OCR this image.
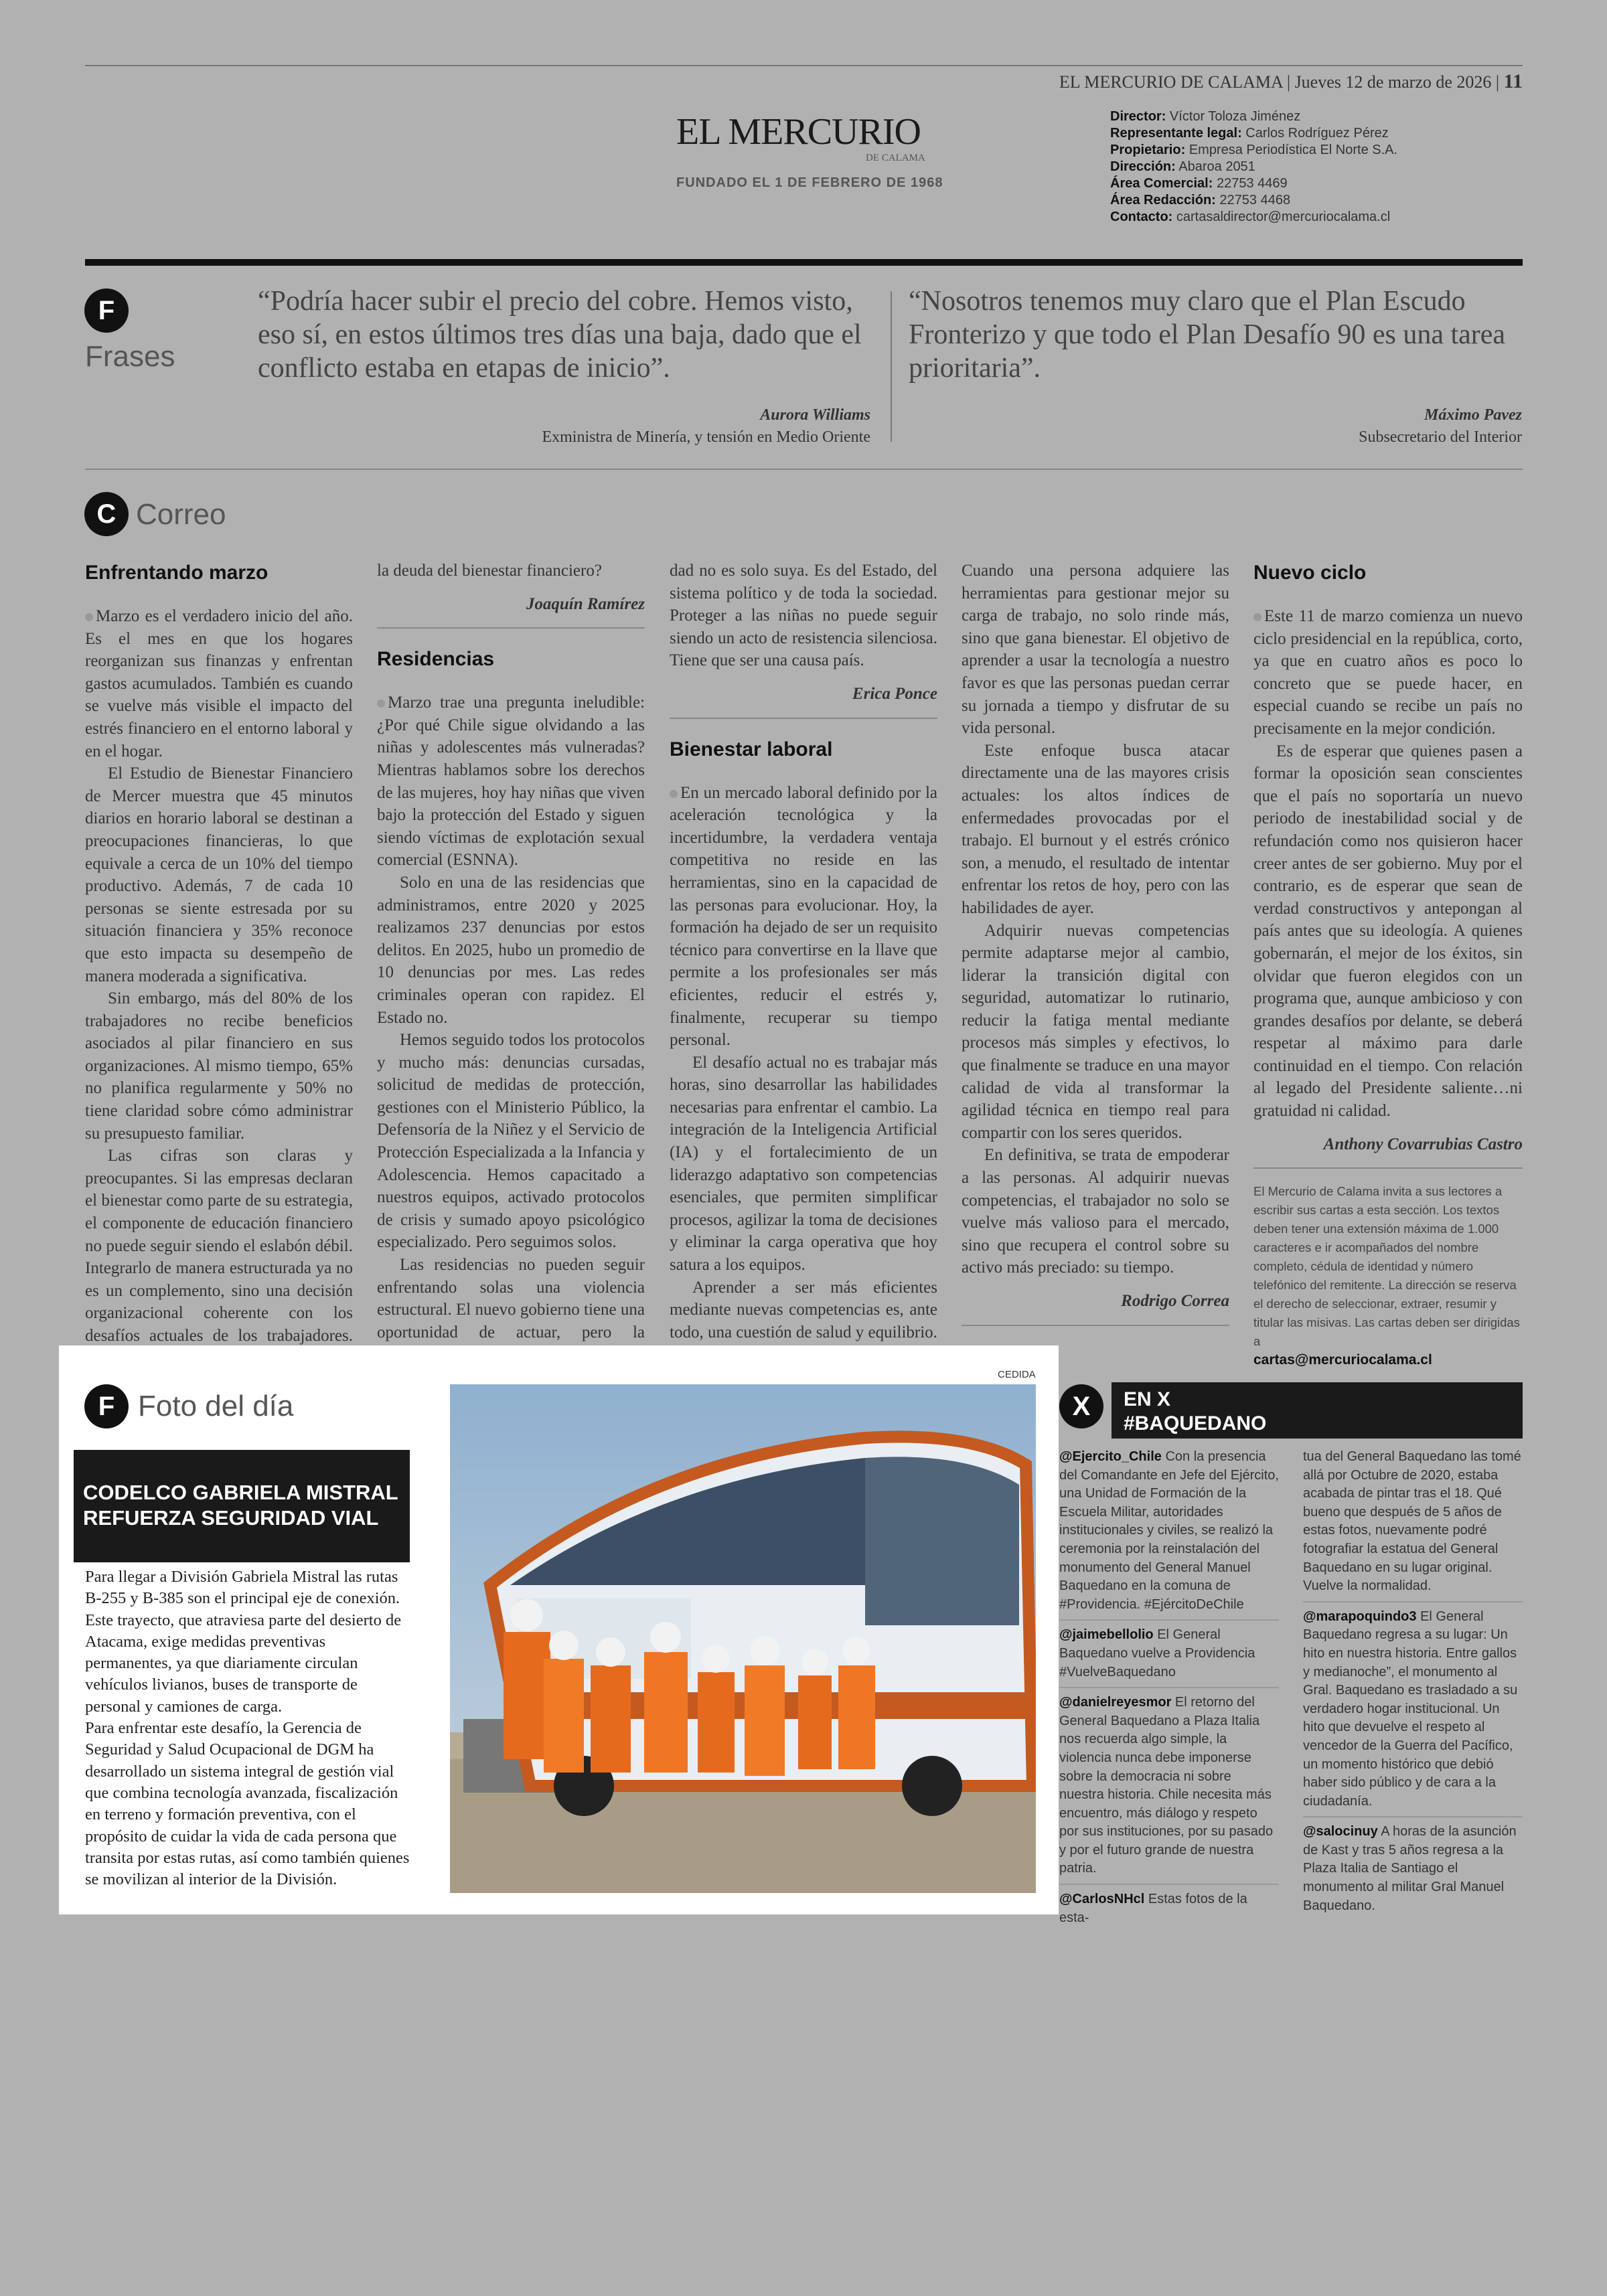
EL MERCURIO DE CALAMA | Jueves 12 de marzo de 2026 | 11
EL MERCURIO
DE CALAMA
FUNDADO EL 1 DE FEBRERO DE 1968
Director: Víctor Toloza Jiménez
Representante legal: Carlos Rodríguez Pérez
Propietario: Empresa Periodística El Norte S.A.
Dirección: Abaroa 2051
Área Comercial: 22753 4469
Área Redacción: 22753 4468
Contacto: cartasaldirector@mercuriocalama.cl
F
Frases
“Podría hacer subir el precio del cobre. Hemos visto, eso sí, en estos últimos tres días una baja, dado que el conflicto estaba en etapas de inicio”.
Aurora Williams
Exministra de Minería, y tensión en Medio Oriente
“Nosotros tenemos muy claro que el Plan Escudo Fronterizo y que todo el Plan Desafío 90 es una tarea prioritaria”.
Máximo Pavez
Subsecretario del Interior
C Correo
Enfrentando marzo

Marzo es el verdadero inicio del año. Es el mes en que los hogares reorganizan sus finanzas y enfrentan gastos acumulados. También es cuando se vuelve más visible el impacto del estrés financiero en el entorno laboral y en el hogar.

El Estudio de Bienestar Financiero de Mercer muestra que 45 minutos diarios en horario laboral se destinan a preocupaciones financieras, lo que equivale a cerca de un 10% del tiempo productivo. Además, 7 de cada 10 personas se siente estresada por su situación financiera y 35% reconoce que esto impacta su desempeño de manera moderada a significativa.

Sin embargo, más del 80% de los trabajadores no recibe beneficios asociados al pilar financiero en sus organizaciones. Al mismo tiempo, 65% no planifica regularmente y 50% no tiene claridad sobre cómo administrar su presupuesto familiar.

Las cifras son claras y preocupantes. Si las empresas declaran el bienestar como parte de su estrategia, el componente de educación financiero no puede seguir siendo el eslabón débil. Integrarlo de manera estructurada ya no es un complemento, sino una decisión organizacional coherente con los desafíos actuales de los trabajadores.

la deuda del bienestar financiero?

Joaquín Ramírez

Residencias

Marzo trae una pregunta ineludible: ¿Por qué Chile sigue olvidando a las niñas y adolescentes más vulneradas? Mientras hablamos sobre los derechos de las mujeres, hoy hay niñas que viven bajo la protección del Estado y siguen siendo víctimas de explotación sexual comercial (ESNNA).

Solo en una de las residencias que administramos, entre 2020 y 2025 realizamos 237 denuncias por estos delitos. En 2025, hubo un promedio de 10 denuncias por mes. Las redes criminales operan con rapidez. El Estado no.

Hemos seguido todos los protocolos y mucho más: denuncias cursadas, solicitud de medidas de protección, gestiones con el Ministerio Público, la Defensoría de la Niñez y el Servicio de Protección Especializada a la Infancia y Adolescencia. Hemos capacitado a nuestros equipos, activado protocolos de crisis y sumado apoyo psicológico especializado. Pero seguimos solos.

Las residencias no pueden seguir enfrentando solas una violencia estructural. El nuevo gobierno tiene una oportunidad de actuar, pero la

dad no es solo suya. Es del Estado, del sistema político y de toda la sociedad. Proteger a las niñas no puede seguir siendo un acto de resistencia silenciosa. Tiene que ser una causa país.

Erica Ponce

Bienestar laboral

En un mercado laboral definido por la aceleración tecnológica y la incertidumbre, la verdadera ventaja competitiva no reside en las herramientas, sino en la capacidad de las personas para evolucionar. Hoy, la formación ha dejado de ser un requisito técnico para convertirse en la llave que permite a los profesionales ser más eficientes, reducir el estrés y, finalmente, recuperar su tiempo personal.

El desafío actual no es trabajar más horas, sino desarrollar las habilidades necesarias para enfrentar el cambio. La integración de la Inteligencia Artificial (IA) y el fortalecimiento de un liderazgo adaptativo son competencias esenciales, que permiten simplificar procesos, agilizar la toma de decisiones y eliminar la carga operativa que hoy satura a los equipos.

Aprender a ser más eficientes mediante nuevas competencias es, ante todo, una cuestión de salud y equilibrio.

Cuando una persona adquiere las herramientas para gestionar mejor su carga de trabajo, no solo rinde más, sino que gana bienestar. El objetivo de aprender a usar la tecnología a nuestro favor es que las personas puedan cerrar su jornada a tiempo y disfrutar de su vida personal.

Este enfoque busca atacar directamente una de las mayores crisis actuales: los altos índices de enfermedades provocadas por el trabajo. El burnout y el estrés crónico son, a menudo, el resultado de intentar enfrentar los retos de hoy, pero con las habilidades de ayer.

Adquirir nuevas competencias permite adaptarse mejor al cambio, liderar la transición digital con seguridad, automatizar lo rutinario, reducir la fatiga mental mediante procesos más simples y efectivos, lo que finalmente se traduce en una mayor calidad de vida al transformar la agilidad técnica en tiempo real para compartir con los seres queridos.

En definitiva, se trata de empoderar a las personas. Al adquirir nuevas competencias, el trabajador no solo se vuelve más valioso para el mercado, sino que recupera el control sobre su activo más preciado: su tiempo.

Rodrigo Correa

Nuevo ciclo

Este 11 de marzo comienza un nuevo ciclo presidencial en la república, corto, ya que en cuatro años es poco lo concreto que se puede hacer, en especial cuando se recibe un país no precisamente en la mejor condición.

Es de esperar que quienes pasen a formar la oposición sean conscientes que el país no soportaría un nuevo periodo de inestabilidad social y de refundación como nos quisieron hacer creer antes de ser gobierno. Muy por el contrario, es de esperar que sean de verdad constructivos y antepongan al país antes que su ideología. A quienes gobernarán, el mejor de los éxitos, sin olvidar que fueron elegidos con un programa que, aunque ambicioso y con grandes desafíos por delante, se deberá respetar al máximo para darle continuidad en el tiempo. Con relación al legado del Presidente saliente…ni gratuidad ni calidad.

Anthony Covarrubias Castro

El Mercurio de Calama invita a sus lectores a escribir sus cartas a esta sección. Los textos deben tener una extensión máxima de 1.000 caracteres e ir acompañados del nombre completo, cédula de identidad y número telefónico del remitente. La dirección se reserva el derecho de seleccionar, extraer, resumir y titular las misivas. Las cartas deben ser dirigidas a
cartas@mercuriocalama.cl
F Foto del día
CODELCO GABRIELA MISTRAL REFUERZA SEGURIDAD VIAL

Para llegar a División Gabriela Mistral las rutas B-255 y B-385 son el principal eje de conexión. Este trayecto, que atraviesa parte del desierto de Atacama, exige medidas preventivas permanentes, ya que diariamente circulan vehículos livianos, buses de transporte de personal y camiones de carga.

Para enfrentar este desafío, la Gerencia de Seguridad y Salud Ocupacional de DGM ha desarrollado un sistema integral de gestión vial que combina tecnología avanzada, fiscalización en terreno y formación preventiva, con el propósito de cuidar la vida de cada persona que transita por estas rutas, así como también quienes se movilizan al interior de la División.

CEDIDA
X	EN X
#BAQUEDANO
@Ejercito_Chile Con la presencia del Comandante en Jefe del Ejército, una Unidad de Formación de la Escuela Militar, autoridades institucionales y civiles, se realizó la ceremonia por la reinstalación del monumento del General Manuel Baquedano en la comuna de #Providencia. #EjércitoDeChile
@jaimebellolio El General Baquedano vuelve a Providencia #VuelveBaquedano
@danielreyesmor El retorno del General Baquedano a Plaza Italia nos recuerda algo simple, la violencia nunca debe imponerse sobre la democracia ni sobre nuestra historia. Chile necesita más encuentro, más diálogo y respeto por sus instituciones, por su pasado y por el futuro grande de nuestra patria.
@CarlosNHcl Estas fotos de la esta-
tua del General Baquedano las tomé allá por Octubre de 2020, estaba acabada de pintar tras el 18. Qué bueno que después de 5 años de estas fotos, nuevamente podré fotografiar la estatua del General Baquedano en su lugar original. Vuelve la normalidad.
@marapoquindo3 El General Baquedano regresa a su lugar: Un hito en nuestra historia. Entre gallos y medianoche”, el monumento al Gral. Baquedano es trasladado a su verdadero hogar institucional. Un hito que devuelve el respeto al vencedor de la Guerra del Pacífico, un momento histórico que debió haber sido público y de cara a la ciudadanía.
@salocinuy A horas de la asunción de Kast y tras 5 años regresa a la Plaza Italia de Santiago el monumento al militar Gral Manuel Baquedano.
